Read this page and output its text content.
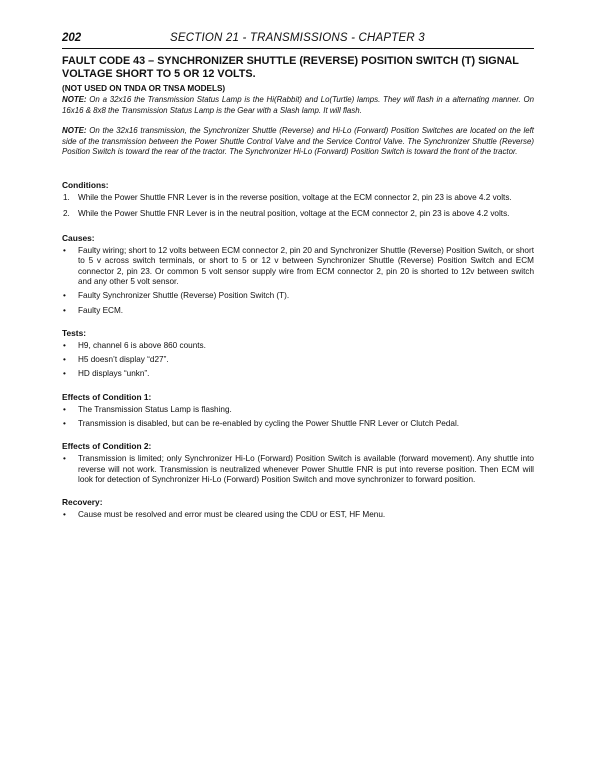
202	SECTION 21 - TRANSMISSIONS - CHAPTER 3
FAULT CODE 43 – SYNCHRONIZER SHUTTLE (REVERSE) POSITION SWITCH (T) SIGNAL VOLTAGE SHORT TO 5 OR 12 VOLTS.
(NOT USED ON TNDA OR TNSA MODELS)

NOTE: On a 32x16 the Transmission Status Lamp is the Hi(Rabbit) and Lo(Turtle) lamps. They will flash in a alternating manner. On 16x16 & 8x8 the Transmission Status Lamp is the Gear with a Slash lamp. It will flash.

NOTE: On the 32x16 transmission, the Synchronizer Shuttle (Reverse) and Hi-Lo (Forward) Position Switches are located on the left side of the transmission between the Power Shuttle Control Valve and the Service Control Valve. The Synchronizer Shuttle (Reverse) Position Switch is toward the rear of the tractor. The Synchronizer Hi-Lo (Forward) Position Switch is toward the front of the tractor.

Conditions:
1. While the Power Shuttle FNR Lever is in the reverse position, voltage at the ECM connector 2, pin 23 is above 4.2 volts.
2. While the Power Shuttle FNR Lever is in the neutral position, voltage at the ECM connector 2, pin 23 is above 4.2 volts.
Causes:
• Faulty wiring; short to 12 volts between ECM connector 2, pin 20 and Synchronizer Shuttle (Reverse) Position Switch, or short to 5 v across switch terminals, or short to 5 or 12 v between Synchronizer Shuttle (Reverse) Position Switch and ECM connector 2, pin 23. Or common 5 volt sensor supply wire from ECM connector 2, pin 20 is shorted to 12v between switch and any other 5 volt sensor.
• Faulty Synchronizer Shuttle (Reverse) Position Switch (T).
• Faulty ECM.
Tests:
• H9, channel 6 is above 860 counts.
• H5 doesn’t display “d27”.
• HD displays “unkn”.
Effects of Condition 1:
• The Transmission Status Lamp is flashing.
• Transmission is disabled, but can be re-enabled by cycling the Power Shuttle FNR Lever or Clutch Pedal.
Effects of Condition 2:
• Transmission is limited; only Synchronizer Hi-Lo (Forward) Position Switch is available (forward movement). Any shuttle into reverse will not work. Transmission is neutralized whenever Power Shuttle FNR is put into reverse position. Then ECM will look for detection of Synchronizer Hi-Lo (Forward) Position Switch and move synchronizer to forward position.
Recovery:
• Cause must be resolved and error must be cleared using the CDU or EST, HF Menu.
